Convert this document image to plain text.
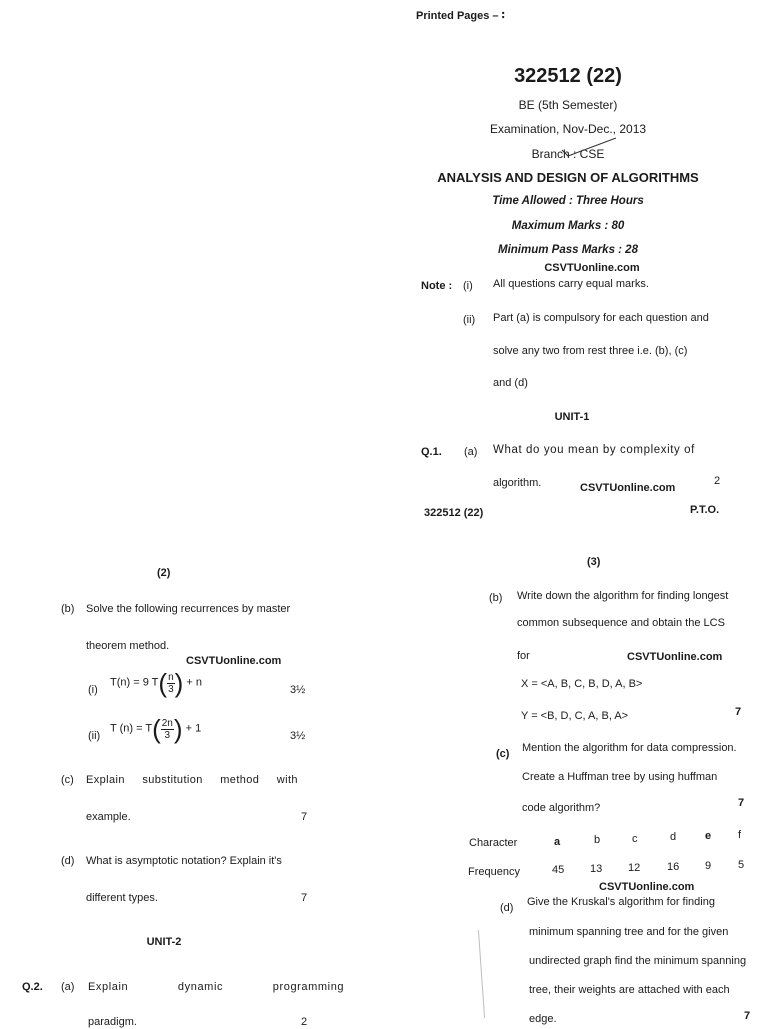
Printed Pages – ∶
322512 (22)
BE (5th Semester)
Examination, Nov-Dec., 2013
Branch : CSE
ANALYSIS AND DESIGN OF ALGORITHMS
Time Allowed : Three Hours
Maximum Marks : 80
Minimum Pass Marks : 28
CSVTUonline.com
Note : (i) All questions carry equal marks.
(ii) Part (a) is compulsory for each question and
solve any two from rest three i.e. (b), (c)
and (d)
UNIT-1
Q.1. (a) What do you mean by complexity of
algorithm.	CSVTUonline.com
2
322512 (22)	P.T.O.
(2)
(b) Solve the following recurrences by master
theorem method.
CSVTUonline.com
(i)
T(n) = 9 $T( \frac{n}{3}$ ) + n
3½
(ii)
T $(n) = T( \frac{2n}{3}$ ) + 1
3½
(c) Explain substitution method with
example.	7
(d) What is asymptotic notation? Explain it's
different types.	7
UNIT-2
Q.2. (a) Explain dynamic programming
paradigm.	2
(3)
(b) Write down the algorithm for finding longest
common subsequence and obtain the LCS
for	CSVTUonline.com
X = <A, B, C, B, D, A, B>
Y = <B, D, C, A, B, A>	7
(c) Mention the algorithm for data compression.
Create a Huffman tree by using huffman
code algorithm?	7
Character	a	b	c	d	e f
Frequency	45 13 12 16 9 5
CSVTUonline.com
(d) Give the Kruskal's algorithm for finding
minimum spanning tree and for the given
undirected graph find the minimum spanning
tree, their weights are attached with each
edge.	7
